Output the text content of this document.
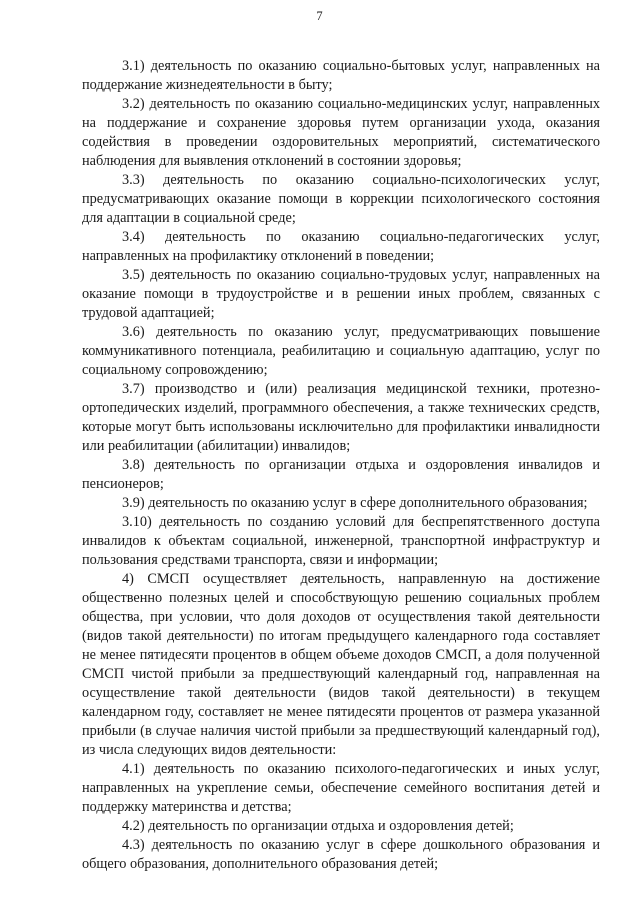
7

3.1) деятельность по оказанию социально-бытовых услуг, направленных на поддержание жизнедеятельности в быту;

3.2) деятельность по оказанию социально-медицинских услуг, направленных на поддержание и сохранение здоровья путем организации ухода, оказания содействия в проведении оздоровительных мероприятий, систематического наблюдения для выявления отклонений в состоянии здоровья;

3.3) деятельность по оказанию социально-психологических услуг, предусматривающих оказание помощи в коррекции психологического состояния для адаптации в социальной среде;

3.4) деятельность по оказанию социально-педагогических услуг, направленных на профилактику отклонений в поведении;

3.5) деятельность по оказанию социально-трудовых услуг, направленных на оказание помощи в трудоустройстве и в решении иных проблем, связанных с трудовой адаптацией;

3.6) деятельность по оказанию услуг, предусматривающих повышение коммуникативного потенциала, реабилитацию и социальную адаптацию, услуг по социальному сопровождению;

3.7) производство и (или) реализация медицинской техники, протезно-ортопедических изделий, программного обеспечения, а также технических средств, которые могут быть использованы исключительно для профилактики инвалидности или реабилитации (абилитации) инвалидов;

3.8) деятельность по организации отдыха и оздоровления инвалидов и пенсионеров;

3.9) деятельность по оказанию услуг в сфере дополнительного образования;

3.10) деятельность по созданию условий для беспрепятственного доступа инвалидов к объектам социальной, инженерной, транспортной инфраструктур и пользования средствами транспорта, связи и информации;

4) СМСП осуществляет деятельность, направленную на достижение общественно полезных целей и способствующую решению социальных проблем общества, при условии, что доля доходов от осуществления такой деятельности (видов такой деятельности) по итогам предыдущего календарного года составляет не менее пятидесяти процентов в общем объеме доходов СМСП, а доля полученной СМСП чистой прибыли за предшествующий календарный год, направленная на осуществление такой деятельности (видов такой деятельности) в текущем календарном году, составляет не менее пятидесяти процентов от размера указанной прибыли (в случае наличия чистой прибыли за предшествующий календарный год), из числа следующих видов деятельности:

4.1) деятельность по оказанию психолого-педагогических и иных услуг, направленных на укрепление семьи, обеспечение семейного воспитания детей и поддержку материнства и детства;

4.2) деятельность по организации отдыха и оздоровления детей;

4.3) деятельность по оказанию услуг в сфере дошкольного образования и общего образования, дополнительного образования детей;
